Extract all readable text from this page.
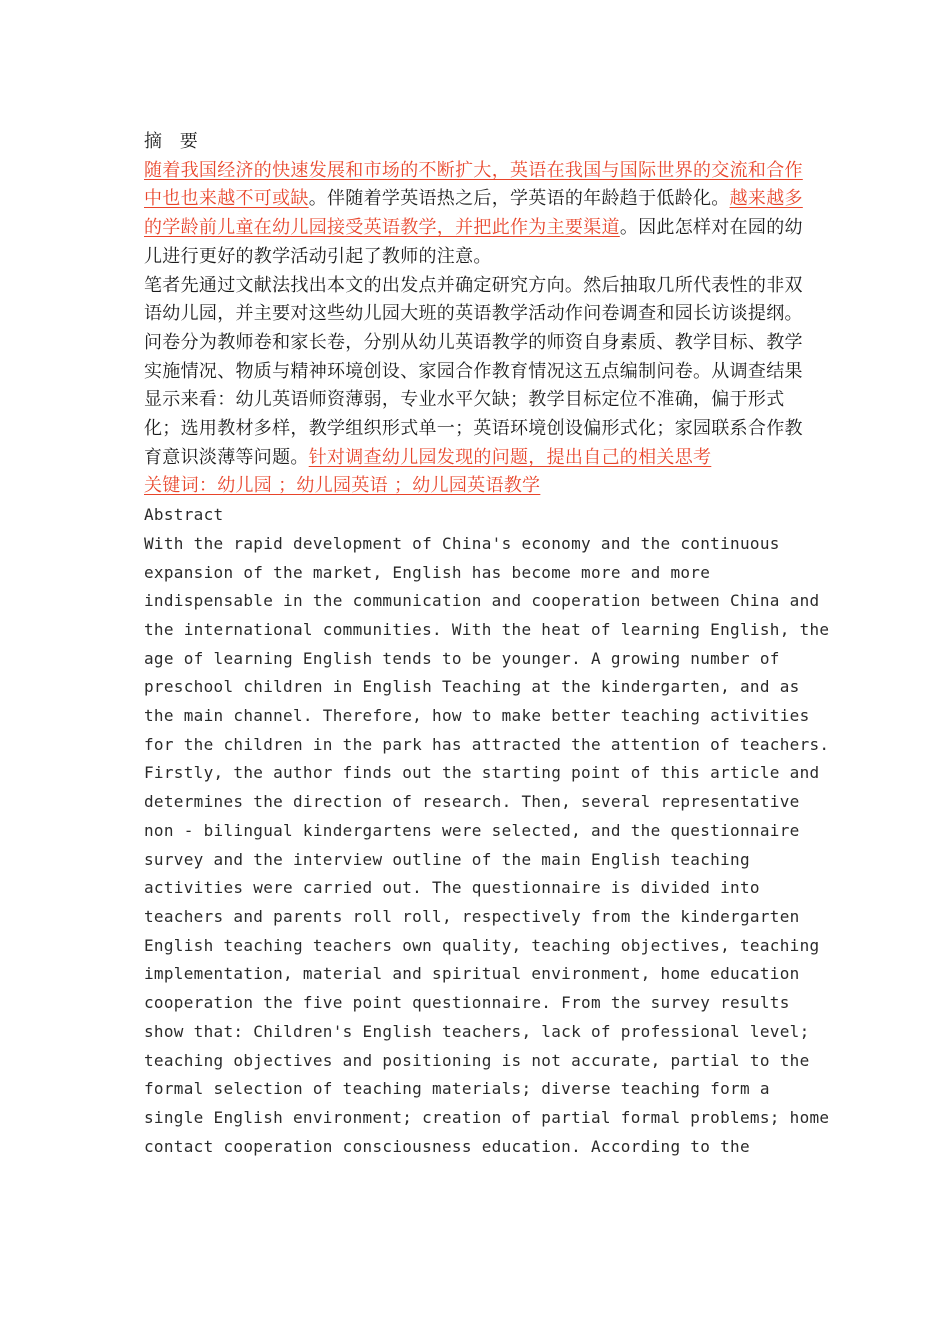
摘 要

随着我国经济的快速发展和市场的不断扩大，英语在我国与国际世界的交流和合作中也也来越不可或缺。伴随着学英语热之后，学英语的年龄趋于低龄化。越来越多的学龄前儿童在幼儿园接受英语教学，并把此作为主要渠道。因此怎样对在园的幼儿进行更好的教学活动引起了教师的注意。

笔者先通过文献法找出本文的出发点并确定研究方向。然后抽取几所代表性的非双语幼儿园，并主要对这些幼儿园大班的英语教学活动作问卷调查和园长访谈提纲。问卷分为教师卷和家长卷，分别从幼儿英语教学的师资自身素质、教学目标、教学实施情况、物质与精神环境创设、家园合作教育情况这五点编制问卷。从调查结果显示来看：幼儿英语师资薄弱，专业水平欠缺；教学目标定位不准确，偏于形式化；选用教材多样，教学组织形式单一；英语环境创设偏形式化；家园联系合作教育意识淡薄等问题。针对调查幼儿园发现的问题，提出自己的相关思考

关键词：幼儿园 ；幼儿园英语 ；幼儿园英语教学

Abstract

With the rapid development of China's economy and the continuous
expansion of the market, English has become more and more
indispensable in the communication and cooperation between China and
the international communities. With the heat of learning English, the
age of learning English tends to be younger. A growing number of
preschool children in English Teaching at the kindergarten, and as
the main channel. Therefore, how to make better teaching activities
for the children in the park has attracted the attention of teachers.
Firstly, the author finds out the starting point of this article and
determines the direction of research. Then, several representative
non - bilingual kindergartens were selected, and the questionnaire
survey and the interview outline of the main English teaching
activities were carried out. The questionnaire is divided into
teachers and parents roll roll, respectively from the kindergarten
English teaching teachers own quality, teaching objectives, teaching
implementation, material and spiritual environment, home education
cooperation the five point questionnaire. From the survey results
show that: Children's English teachers, lack of professional level;
teaching objectives and positioning is not accurate, partial to the
formal selection of teaching materials; diverse teaching form a
single English environment; creation of partial formal problems; home
contact cooperation consciousness education. According to the
